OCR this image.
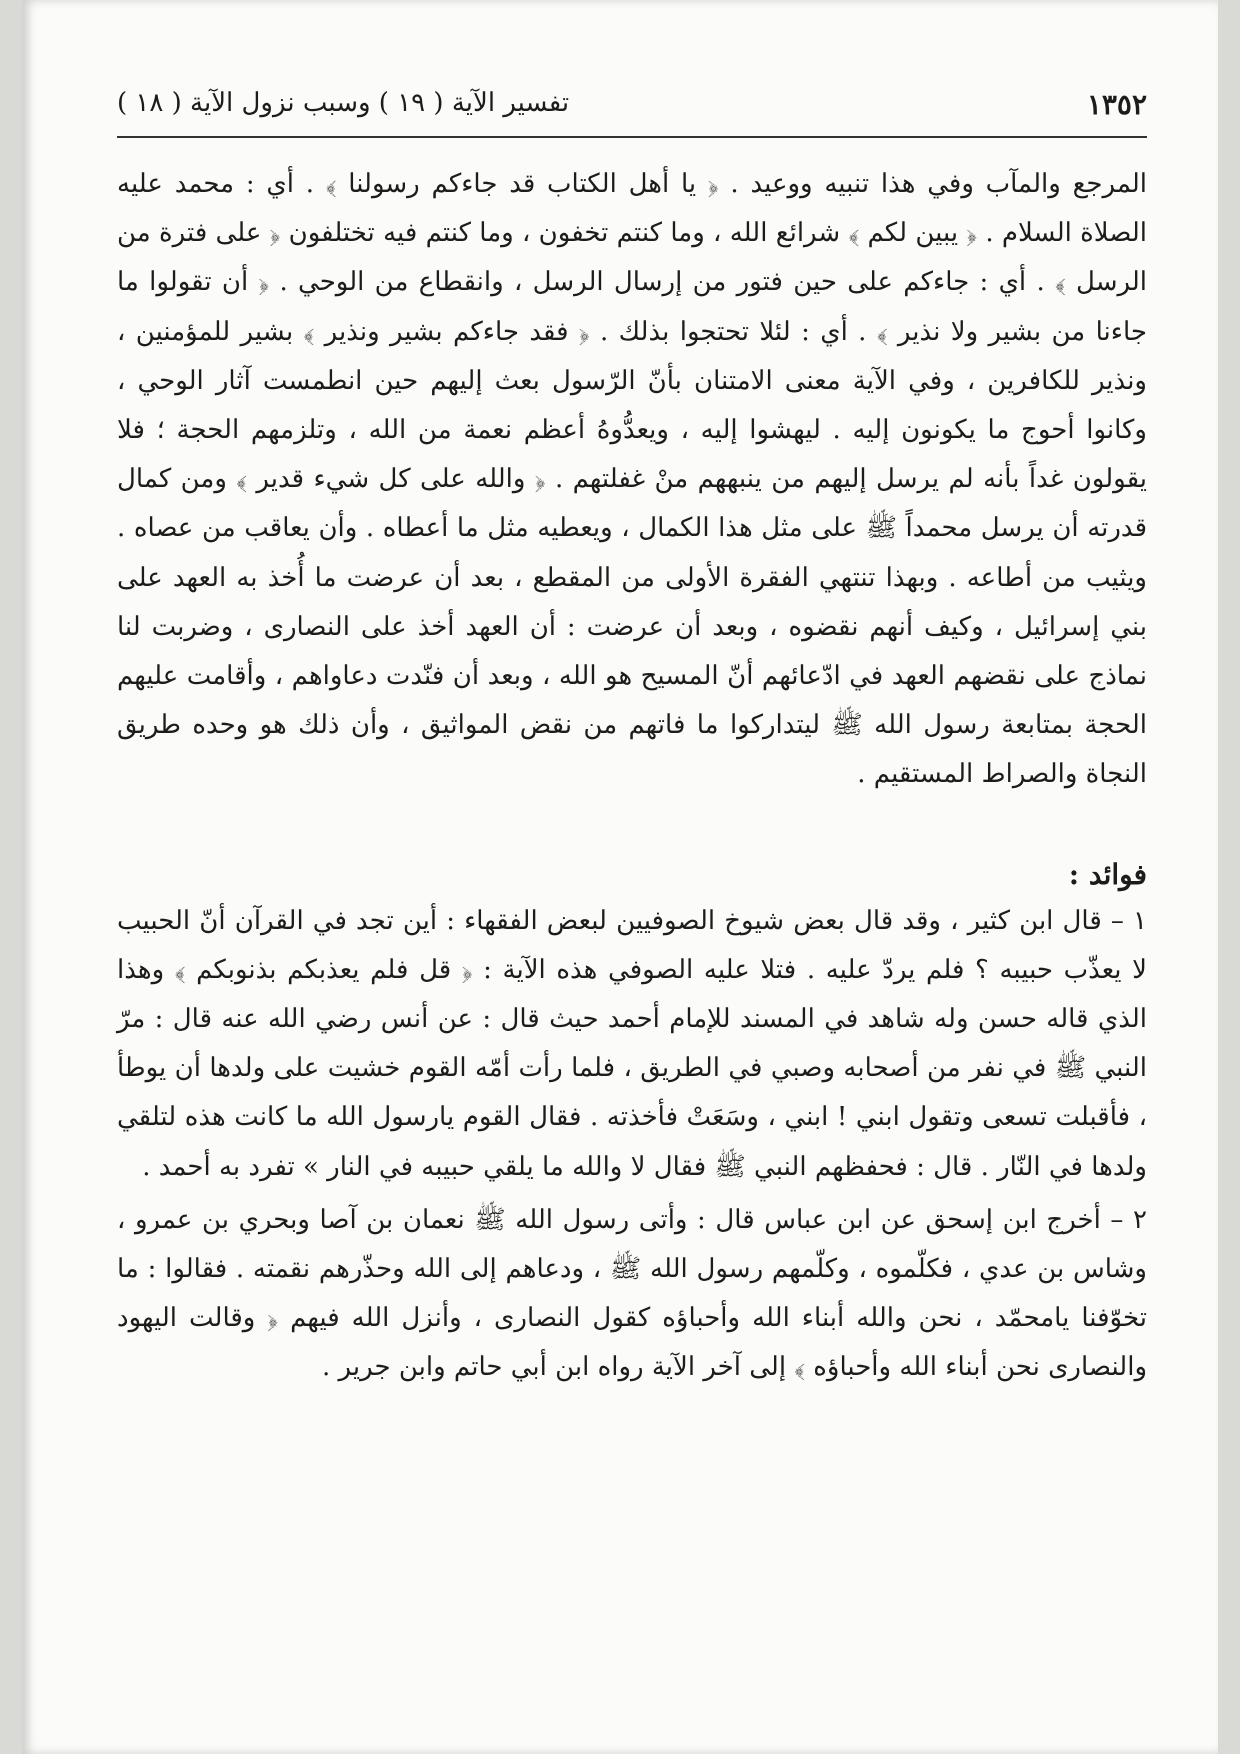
١٣٥٢
تفسير الآية ( ١٩ ) وسبب نزول الآية ( ١٨ )

المرجع والمآب وفي هذا تنبيه ووعيد . ﴿ يا أهل الكتاب قد جاءكم رسولنا ﴾ . أي : محمد عليه الصلاة السلام . ﴿ يبين لكم ﴾ شرائع الله ، وما كنتم تخفون ، وما كنتم فيه تختلفون ﴿ على فترة من الرسل ﴾ . أي : جاءكم على حين فتور من إرسال الرسل ، وانقطاع من الوحي . ﴿ أن تقولوا ما جاءنا من بشير ولا نذير ﴾ . أي : لئلا تحتجوا بذلك . ﴿ فقد جاءكم بشير ونذير ﴾ بشير للمؤمنين ، ونذير للكافرين ، وفي الآية معنى الامتنان بأنّ الرّسول بعث إليهم حين انطمست آثار الوحي ، وكانوا أحوج ما يكونون إليه . ليهشوا إليه ، ويعدُّوهُ أعظم نعمة من الله ، وتلزمهم الحجة ؛ فلا يقولون غداً بأنه لم يرسل إليهم من ينبههم منْ غفلتهم . ﴿ والله على كل شيء قدير ﴾ ومن كمال قدرته أن يرسل محمداً ﷺ على مثل هذا الكمال ، ويعطيه مثل ما أعطاه . وأن يعاقب من عصاه . ويثيب من أطاعه . وبهذا تنتهي الفقرة الأولى من المقطع ، بعد أن عرضت ما أُخذ به العهد على بني إسرائيل ، وكيف أنهم نقضوه ، وبعد أن عرضت : أن العهد أخذ على النصارى ، وضربت لنا نماذج على نقضهم العهد في ادّعائهم أنّ المسيح هو الله ، وبعد أن فنّدت دعاواهم ، وأقامت عليهم الحجة بمتابعة رسول الله ﷺ ليتداركوا ما فاتهم من نقض المواثيق ، وأن ذلك هو وحده طريق النجاة والصراط المستقيم .

فوائد :

١ – قال ابن كثير ، وقد قال بعض شيوخ الصوفيين لبعض الفقهاء : أين تجد في القرآن أنّ الحبيب لا يعذّب حبيبه ؟ فلم يردّ عليه . فتلا عليه الصوفي هذه الآية : ﴿ قل فلم يعذبكم بذنوبكم ﴾ وهذا الذي قاله حسن وله شاهد في المسند للإمام أحمد حيث قال : عن أنس رضي الله عنه قال : مرّ النبي ﷺ في نفر من أصحابه وصبي في الطريق ، فلما رأت أمّه القوم خشيت على ولدها أن يوطأ ، فأقبلت تسعى وتقول ابني ! ابني ، وسَعَتْ فأخذته . فقال القوم يارسول الله ما كانت هذه لتلقي ولدها في النّار . قال : فحفظهم النبي ﷺ فقال لا والله ما يلقي حبيبه في النار » تفرد به أحمد .

٢ – أخرج ابن إسحق عن ابن عباس قال : وأتى رسول الله ﷺ نعمان بن آصا وبحري بن عمرو ، وشاس بن عدي ، فكلّموه ، وكلّمهم رسول الله ﷺ ، ودعاهم إلى الله وحذّرهم نقمته . فقالوا : ما تخوّفنا يامحمّد ، نحن والله أبناء الله وأحباؤه كقول النصارى ، وأنزل الله فيهم ﴿ وقالت اليهود والنصارى نحن أبناء الله وأحباؤه ﴾ إلى آخر الآية رواه ابن أبي حاتم وابن جرير .
